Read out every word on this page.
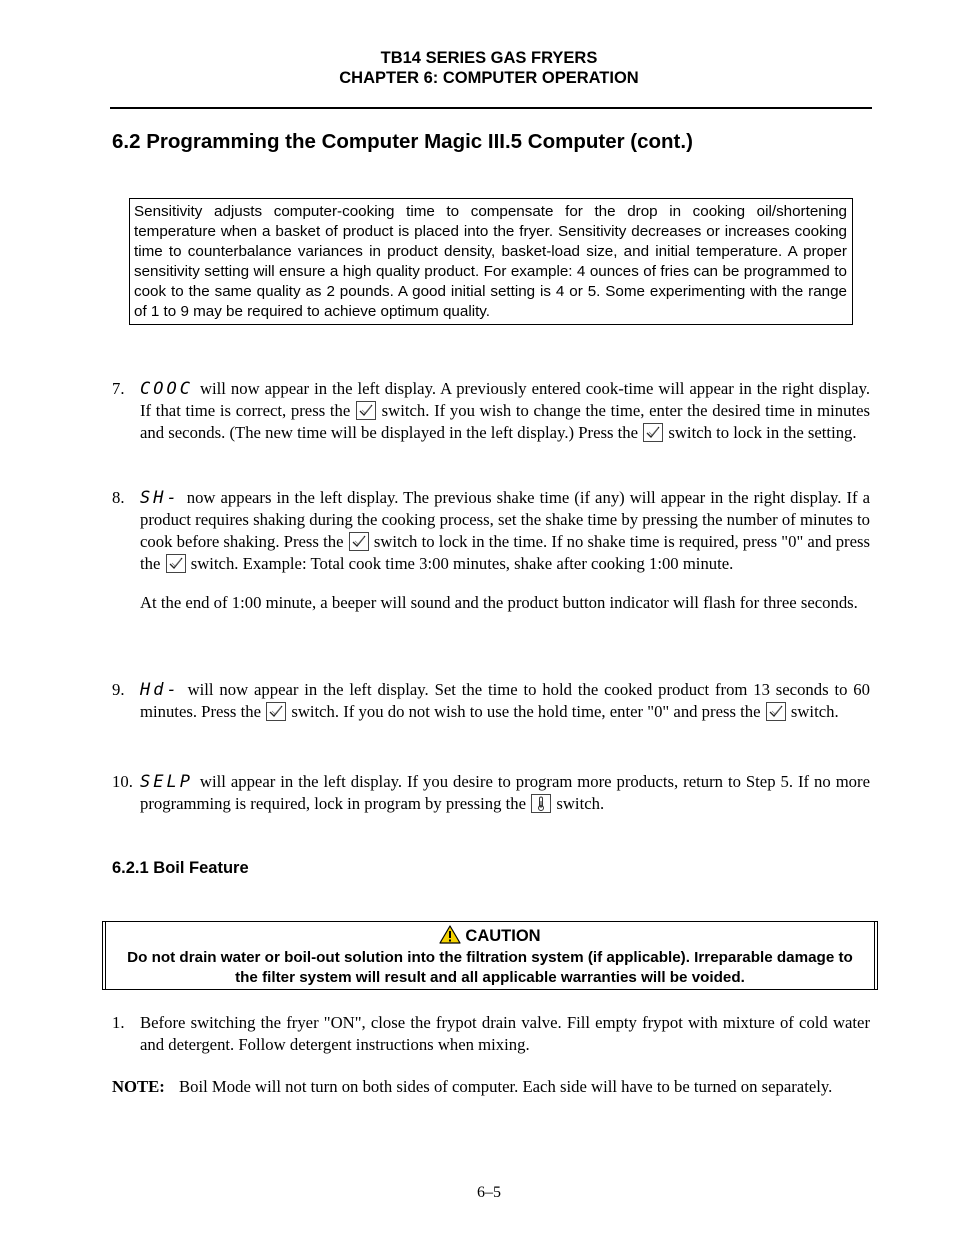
TB14 SERIES GAS FRYERS
CHAPTER 6: COMPUTER OPERATION
6.2 Programming the Computer Magic III.5 Computer (cont.)
Sensitivity adjusts computer-cooking time to compensate for the drop in cooking oil/shortening temperature when a basket of product is placed into the fryer. Sensitivity decreases or increases cooking time to counterbalance variances in product density, basket-load size, and initial temperature. A proper sensitivity setting will ensure a high quality product. For example: 4 ounces of fries can be programmed to cook to the same quality as 2 pounds. A good initial setting is 4 or 5. Some experimenting with the range of 1 to 9 may be required to achieve optimum quality.
7. COOC will now appear in the left display. A previously entered cook-time will appear in the right display. If that time is correct, press the
switch. If you wish to change the time, enter the desired time in minutes and seconds. (The new time will be displayed in the left display.) Press the
switch to lock in the setting.
8. SH- now appears in the left display. The previous shake time (if any) will appear in the right display. If a product requires shaking during the cooking process, set the shake time by pressing the number of minutes to cook before shaking. Press the
switch to lock in the time. If no shake time is required, press "0" and press the
switch. Example: Total cook time 3:00 minutes, shake after cooking 1:00 minute.
At the end of 1:00 minute, a beeper will sound and the product button indicator will flash for three seconds.
9. Hd- will now appear in the left display. Set the time to hold the cooked product from 13 seconds to 60 minutes. Press the
switch. If you do not wish to use the hold time, enter "0" and press the
switch.
10. SELP will appear in the left display. If you desire to program more products, return to Step 5. If no more programming is required, lock in program by pressing the
switch.
6.2.1 Boil Feature
CAUTION
Do not drain water or boil-out solution into the filtration system (if applicable). Irreparable damage to the filter system will result and all applicable warranties will be voided.
1. Before switching the fryer "ON", close the frypot drain valve. Fill empty frypot with mixture of cold water and detergent. Follow detergent instructions when mixing.
NOTE: Boil Mode will not turn on both sides of computer. Each side will have to be turned on separately.
6–5
